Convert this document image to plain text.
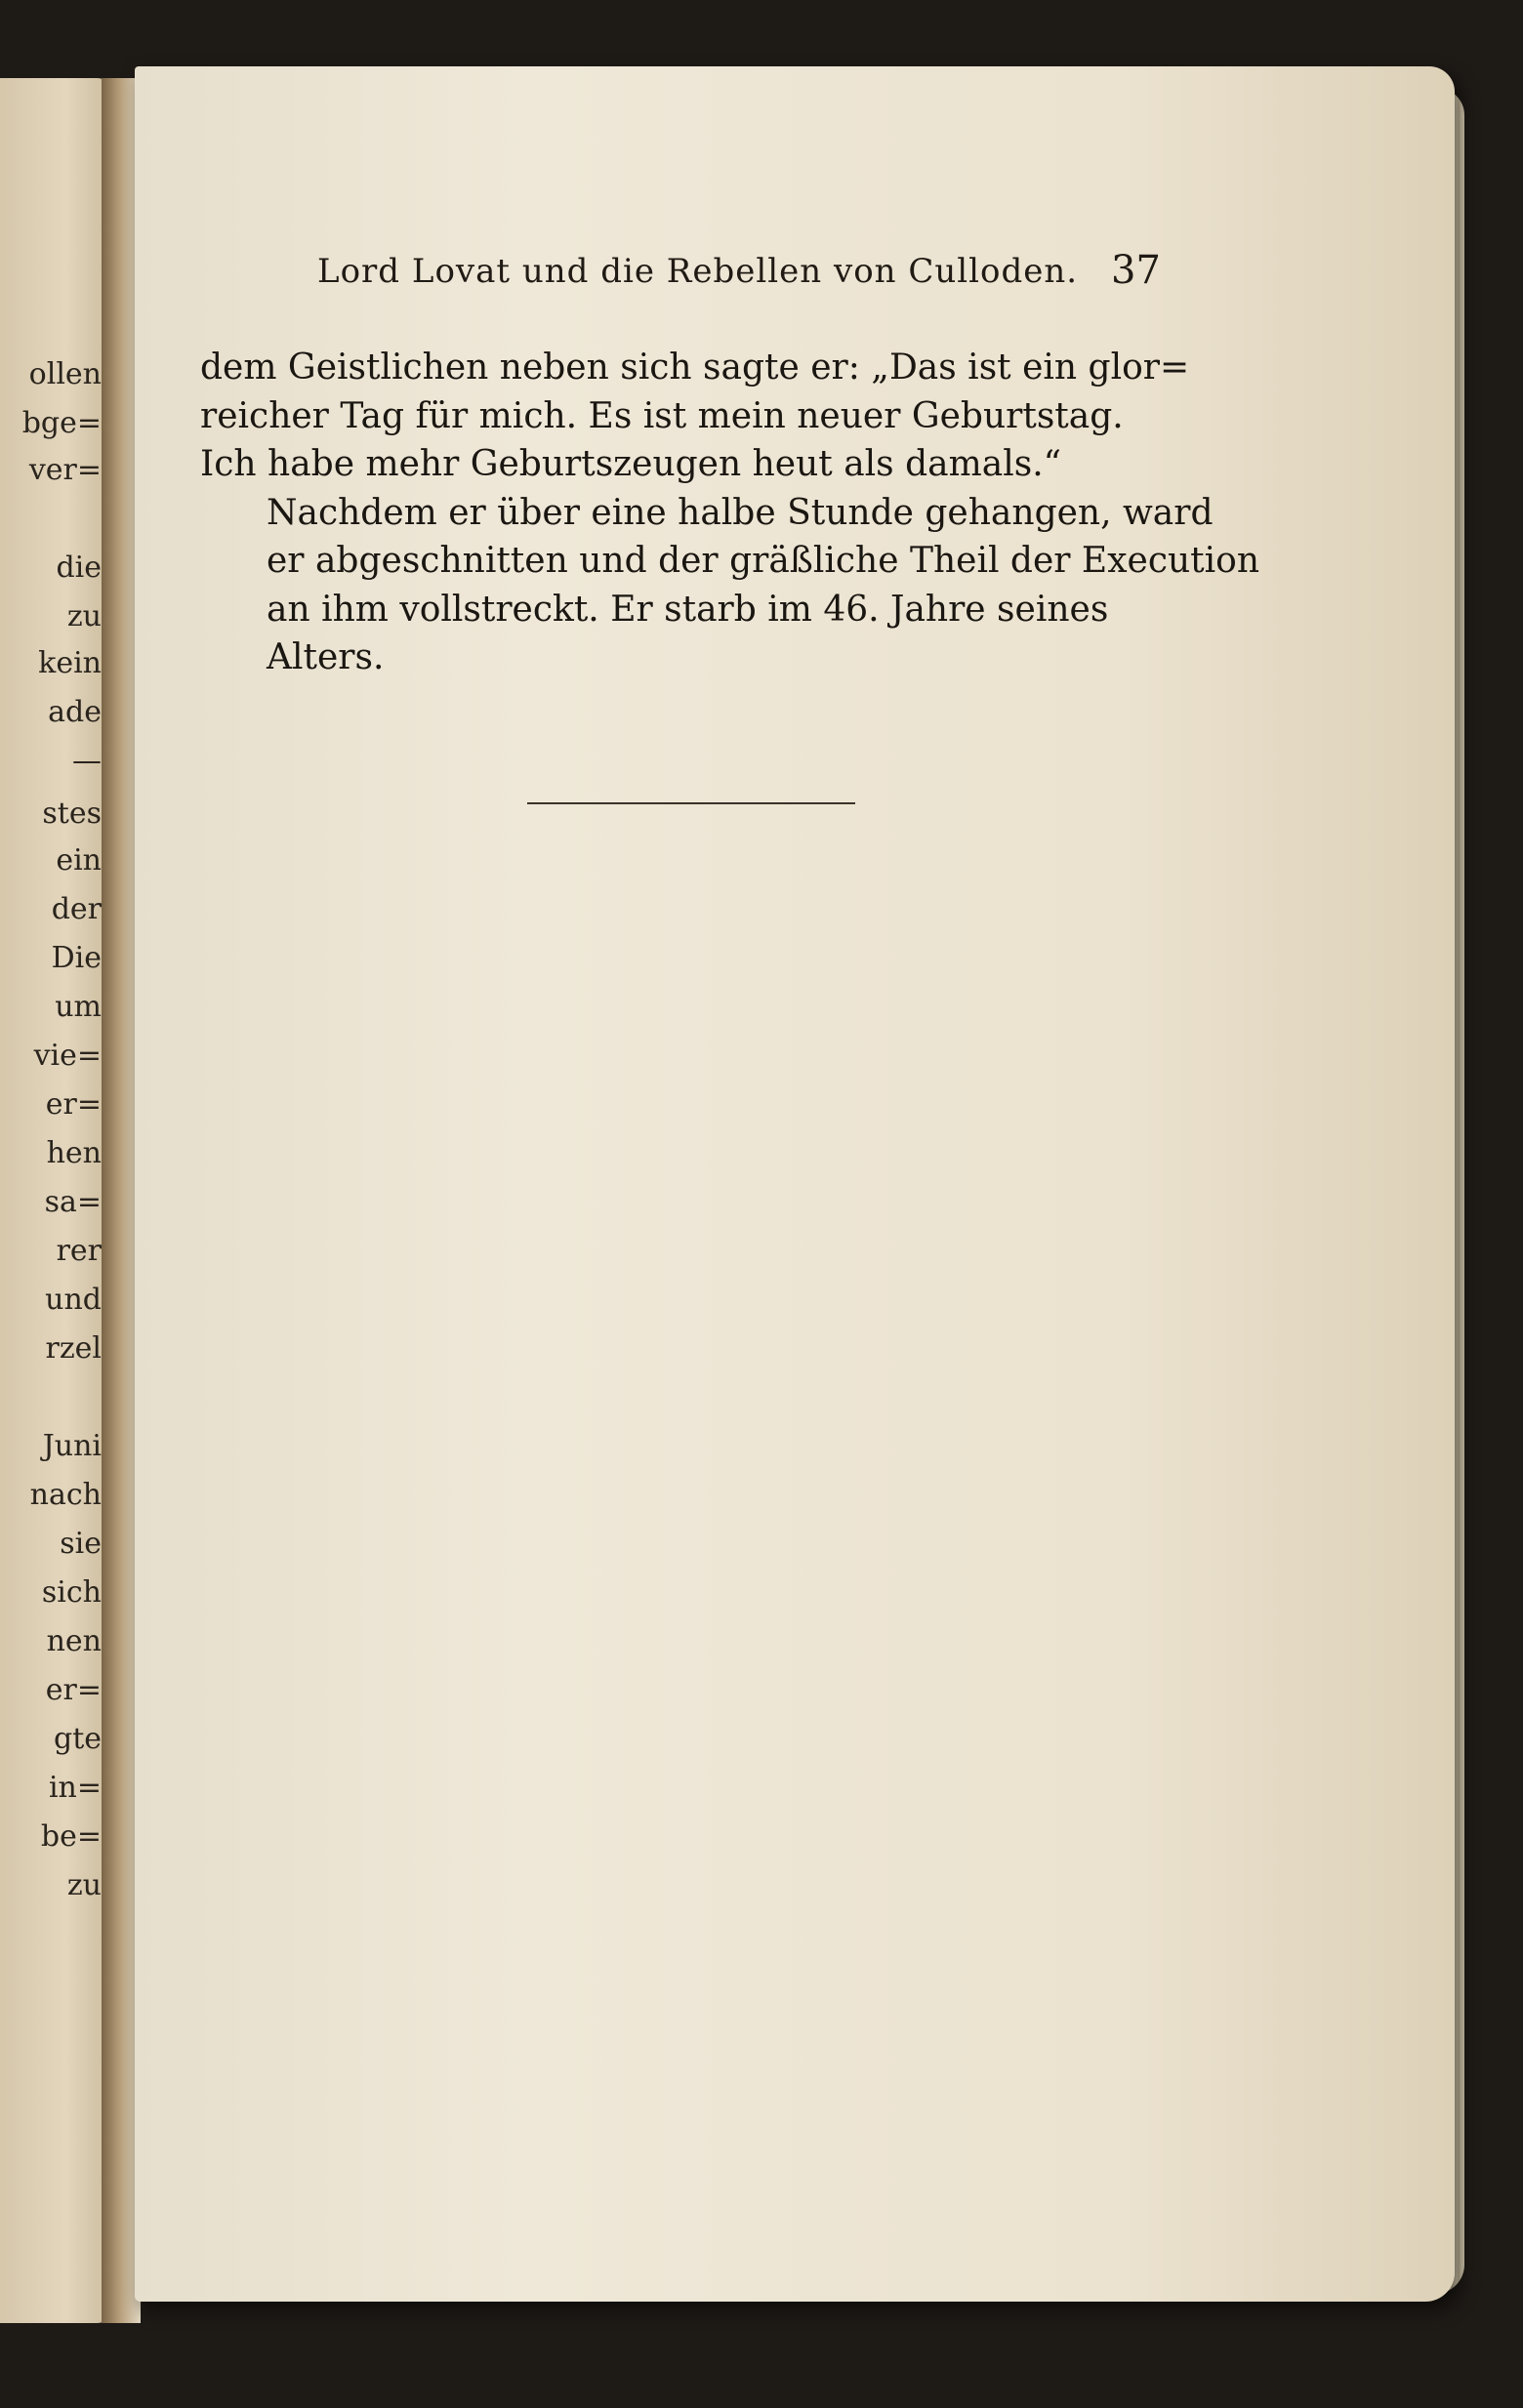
ollen
bge=
ver=
die
zu
kein
ade
—
stes
ein
der
Die
um
vie=
er=
hen
sa=
rer
und
rzel
Juni
nach
sie
sich
nen
er=
gte
in=
be=
zu
Lord Lovat und die Rebellen von Culloden. 37

dem Geistlichen neben sich sagte er: „Das ist ein glor=
reicher Tag für mich. Es ist mein neuer Geburtstag.
Ich habe mehr Geburtszeugen heut als damals.“

Nachdem er über eine halbe Stunde gehangen, ward
er abgeschnitten und der gräßliche Theil der Execution
an ihm vollstreckt. Er starb im 46. Jahre seines
Alters.
